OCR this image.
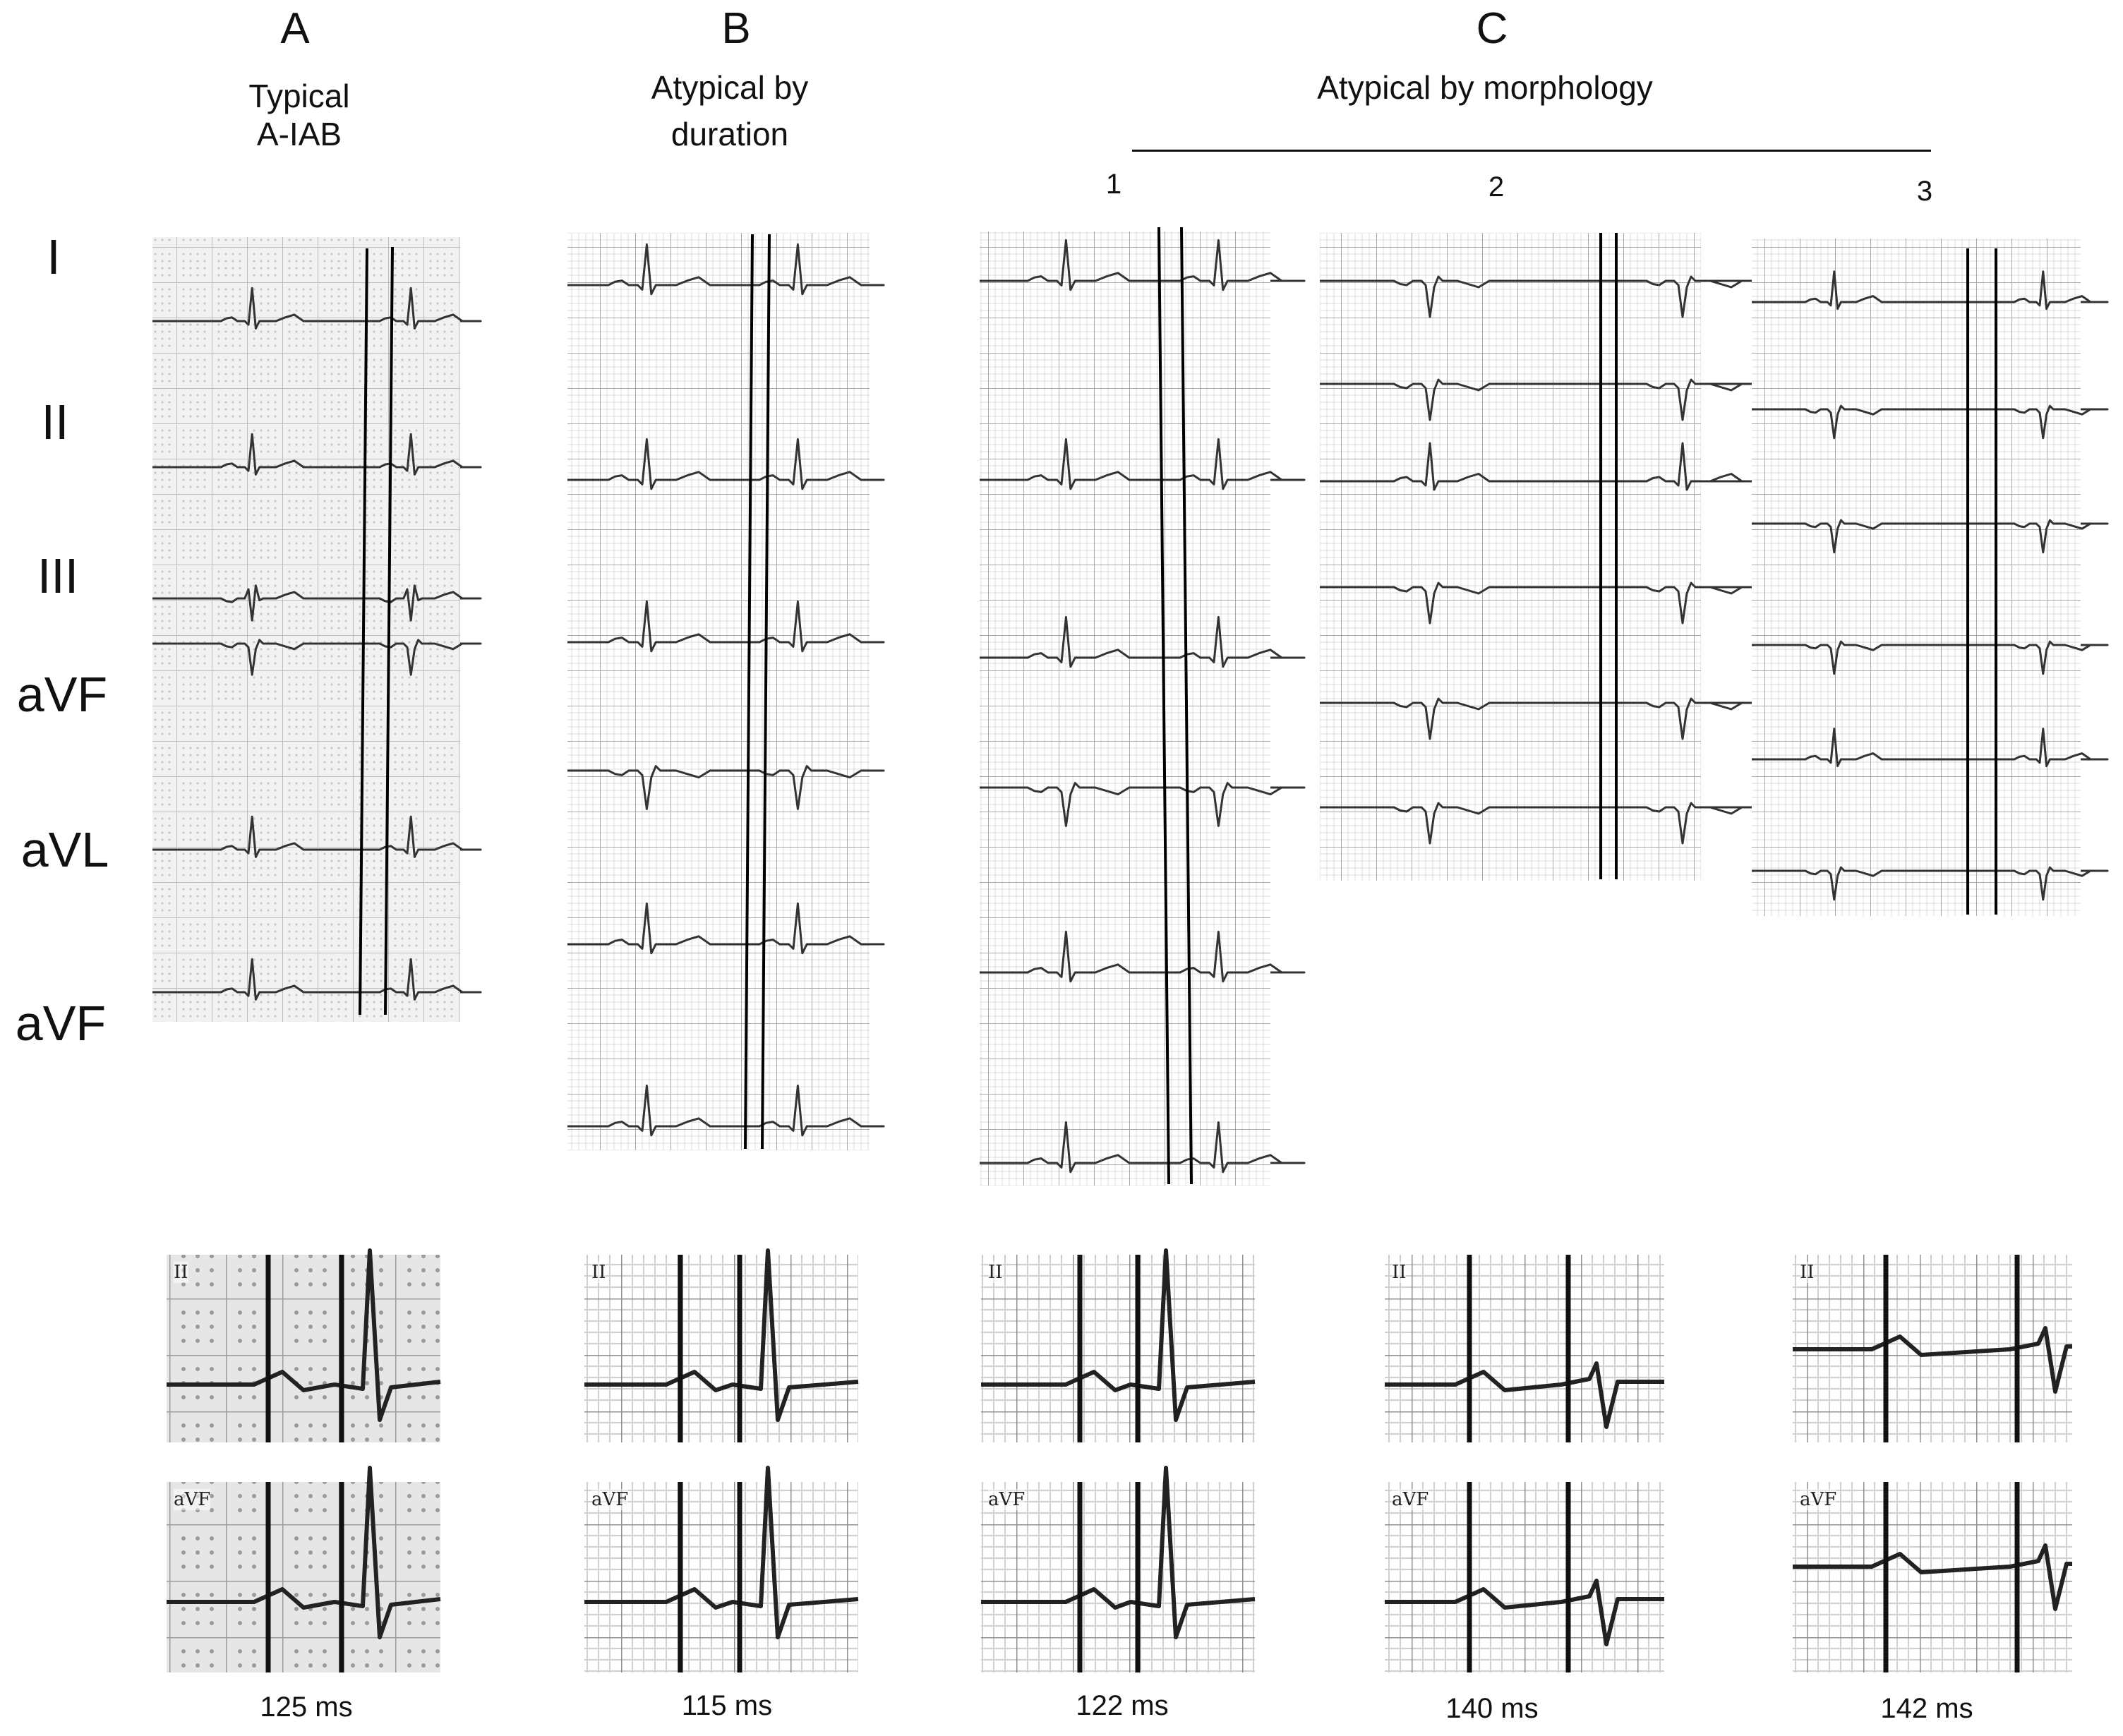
A
Typical
A-IAB
B
Atypical by
duration
C
Atypical by morphology
1	2	3
I
II
III
aVF
aVL
aVF
II
aVF
II
aVF
II
aVF
II
aVF
II
aVF
125 ms	115 ms	122 ms	140 ms	142 ms
